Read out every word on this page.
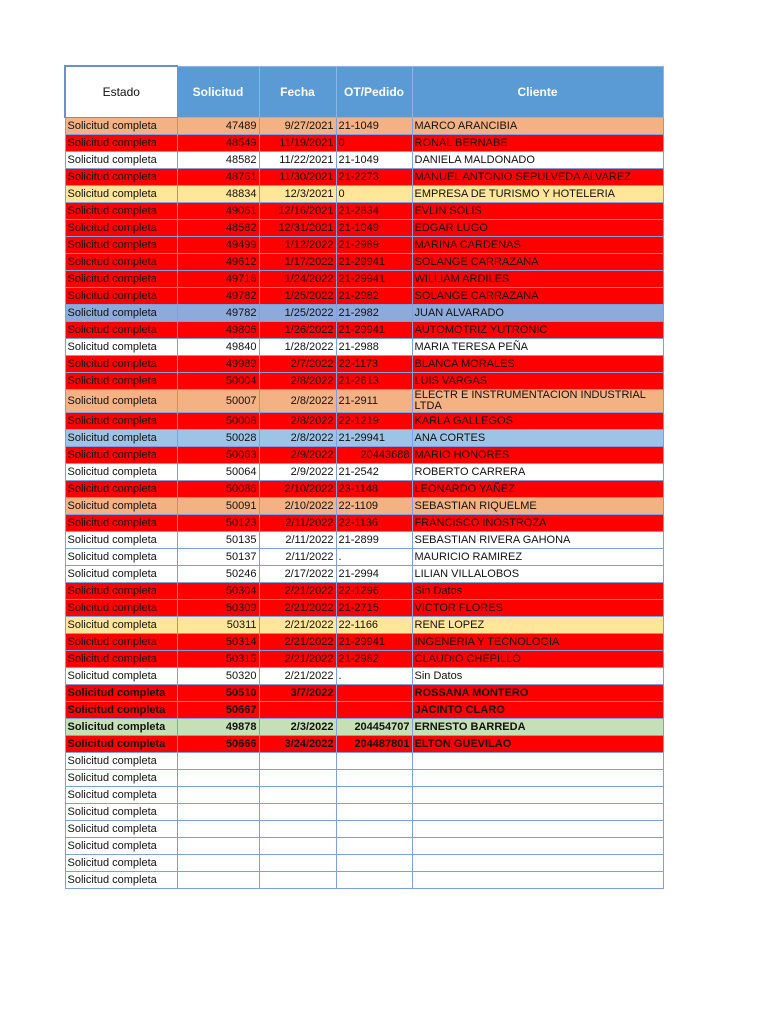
Estado	Solicitud	Fecha	OT/Pedido	Cliente
Solicitud completa	47489	9/27/2021	21-1049	MARCO ARANCIBIA
Solicitud completa	48549	11/19/2021	0	RONAL BERNABE
Solicitud completa	48582	11/22/2021	21-1049	DANIELA MALDONADO
Solicitud completa	48761	11/30/2021	21-2273	MANUEL ANTONIO SEPULVEDA ALVAREZ
Solicitud completa	48834	12/3/2021	0	EMPRESA DE TURISMO Y HOTELERIA
Solicitud completa	49061	12/16/2021	21-2834	EVLIN SOLIS
Solicitud completa	48582	12/31/2021	21-1049	EDGAR LUGO
Solicitud completa	49499	1/12/2022	21-2989	MARINA CARDENAS
Solicitud completa	49612	1/17/2022	21-29941	SOLANGE CARRAZANA
Solicitud completa	49716	1/24/2022	21-29941	WILLIAM ARDILES
Solicitud completa	49782	1/25/2022	21-2982	SOLANGE CARRAZANA
Solicitud completa	49782	1/25/2022	21-2982	JUAN ALVARADO
Solicitud completa	49806	1/26/2022	21-29941	AUTOMOTRIZ YUTRONIC
Solicitud completa	49840	1/28/2022	21-2988	MARIA TERESA PEÑA
Solicitud completa	49989	2/7/2022	22-1173	BLANCA MORALES
Solicitud completa	50004	2/8/2022	21-2613	LUIS VARGAS
Solicitud completa	50007	2/8/2022	21-2911	ELECTR E INSTRUMENTACION INDUSTRIAL LTDA
Solicitud completa	50008	2/8/2022	22-1219	KARLA GALLEGOS
Solicitud completa	50028	2/8/2022	21-29941	ANA CORTES
Solicitud completa	50063	2/9/2022	20443688	MARIO HONORES
Solicitud completa	50064	2/9/2022	21-2542	ROBERTO CARRERA
Solicitud completa	50086	2/10/2022	23-1148	LEONARDO YAÑEZ
Solicitud completa	50091	2/10/2022	22-1109	SEBASTIAN RIQUELME
Solicitud completa	50123	2/11/2022	22-1136	FRANCISCO INOSTROZA
Solicitud completa	50135	2/11/2022	21-2899	SEBASTIAN RIVERA GAHONA
Solicitud completa	50137	2/11/2022	.	MAURICIO RAMIREZ
Solicitud completa	50246	2/17/2022	21-2994	LILIAN VILLALOBOS
Solicitud completa	50304	2/21/2022	22-1296	Sin Datos
Solicitud completa	50309	2/21/2022	21-2715	VICTOR FLORES
Solicitud completa	50311	2/21/2022	22-1166	RENE LOPEZ
Solicitud completa	50314	2/21/2022	21-29941	INGENERIA Y TECNOLOGIA
Solicitud completa	50315	2/21/2022	21-2982	CLAUDIO CHEPILLO
Solicitud completa	50320	2/21/2022	.	Sin Datos
Solicitud completa	50510	3/7/2022		ROSSANA MONTERO
Solicitud completa	50667			JACINTO CLARO
Solicitud completa	49878	2/3/2022	204454707	ERNESTO BARREDA
Solicitud completa	50666	3/24/2022	204487801	ELTON GUEVILAO
Solicitud completa				
Solicitud completa				
Solicitud completa				
Solicitud completa				
Solicitud completa				
Solicitud completa				
Solicitud completa				
Solicitud completa				
